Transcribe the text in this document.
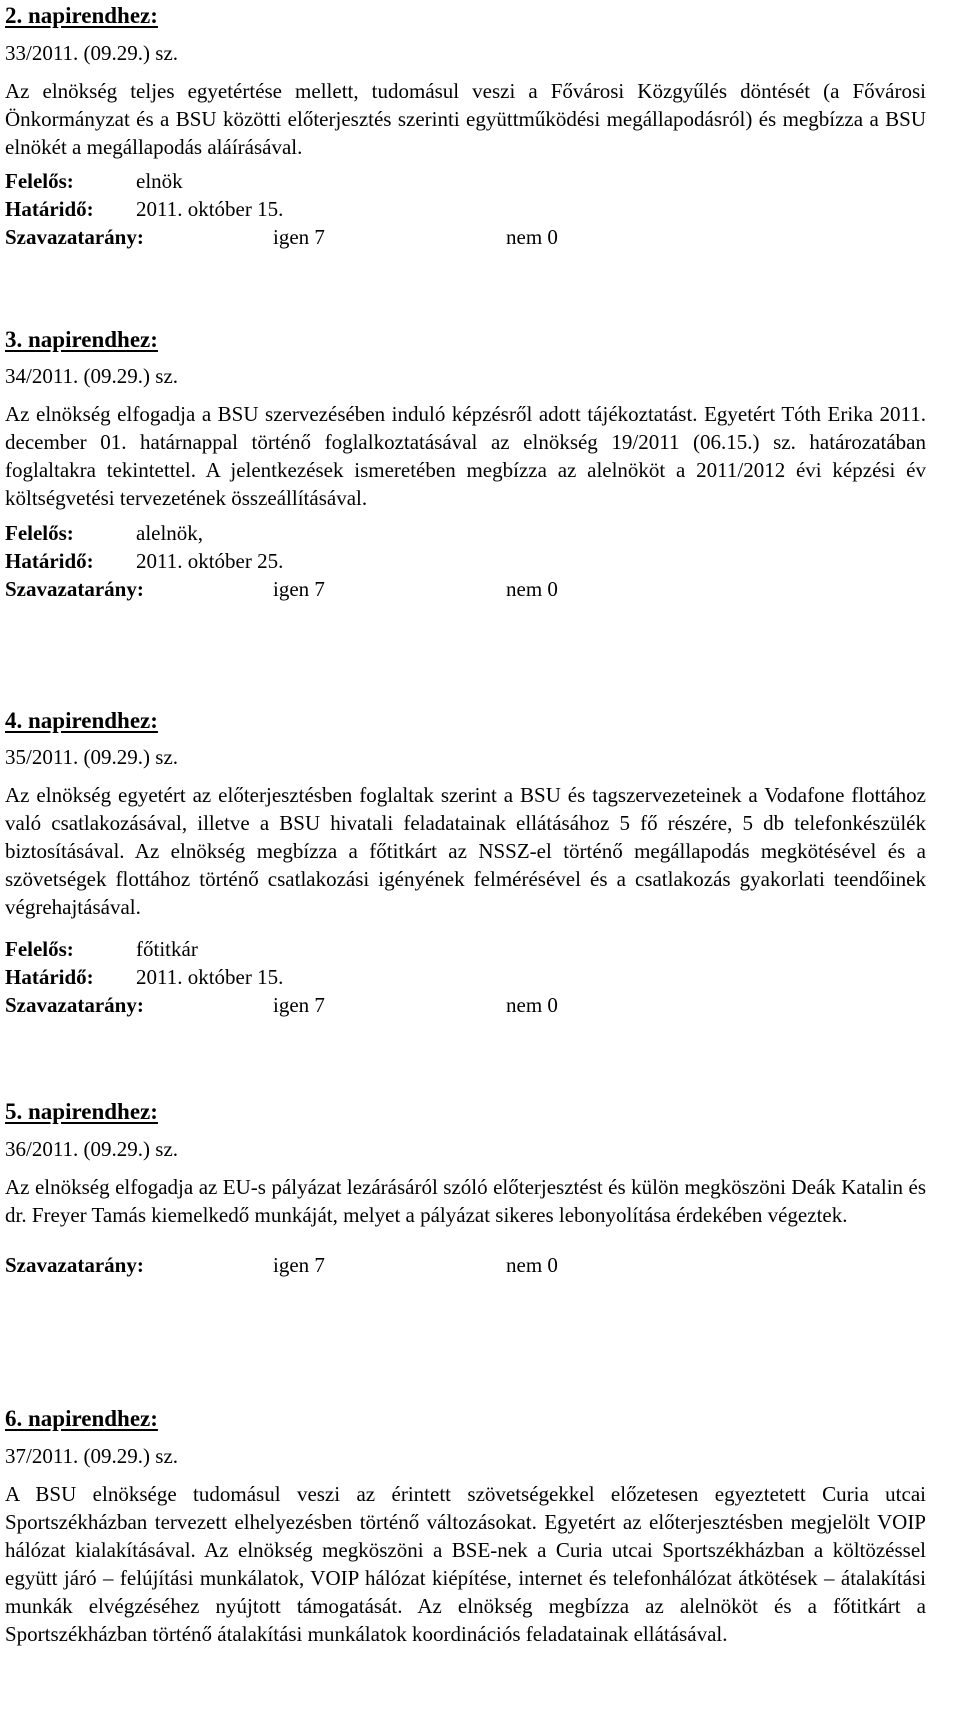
2. napirendhez:
33/2011. (09.29.) sz.
Az elnökség teljes egyetértése mellett, tudomásul veszi a Fővárosi Közgyűlés döntését (a Fővárosi Önkormányzat és a BSU közötti előterjesztés szerinti együttműködési megállapodásról) és megbízza a BSU elnökét a megállapodás aláírásával.
Felelős:	elnök
Határidő: 2011. október 15.
Szavazatarány:	igen 7	nem 0
3. napirendhez:
34/2011. (09.29.) sz.
Az elnökség elfogadja a BSU szervezésében induló képzésről adott tájékoztatást. Egyetért Tóth Erika 2011. december 01. határnappal történő foglalkoztatásával az elnökség 19/2011 (06.15.) sz. határozatában foglaltakra tekintettel. A jelentkezések ismeretében megbízza az alelnököt a 2011/2012 évi képzési év költségvetési tervezetének összeállításával.
Felelős:	alelnök,
Határidő: 2011. október 25.
Szavazatarány:	igen 7	nem 0
4. napirendhez:
35/2011. (09.29.) sz.
Az elnökség egyetért az előterjesztésben foglaltak szerint a BSU és tagszervezeteinek a Vodafone flottához való csatlakozásával, illetve a BSU hivatali feladatainak ellátásához 5 fő részére, 5 db telefonkészülék biztosításával. Az elnökség megbízza a főtitkárt az NSSZ-el történő megállapodás megkötésével és a szövetségek flottához történő csatlakozási igényének felmérésével és a csatlakozás gyakorlati teendőinek végrehajtásával.
Felelős:	főtitkár
Határidő: 2011. október 15.
Szavazatarány:	igen 7	nem 0
5. napirendhez:
36/2011. (09.29.) sz.
Az elnökség elfogadja az EU-s pályázat lezárásáról szóló előterjesztést és külön megköszöni Deák Katalin és dr. Freyer Tamás kiemelkedő munkáját, melyet a pályázat sikeres lebonyolítása érdekében végeztek.
Szavazatarány:	igen 7	nem 0
6. napirendhez:
37/2011. (09.29.) sz.
A BSU elnöksége tudomásul veszi az érintett szövetségekkel előzetesen egyeztetett Curia utcai Sportszékházban tervezett elhelyezésben történő változásokat. Egyetért az előterjesztésben megjelölt VOIP hálózat kialakításával. Az elnökség megköszöni a BSE-nek a Curia utcai Sportszékházban a költözéssel együtt járó – felújítási munkálatok, VOIP hálózat kiépítése, internet és telefonhálózat átkötések – átalakítási munkák elvégzéséhez nyújtott támogatását. Az elnökség megbízza az alelnököt és a főtitkárt a Sportszékházban történő átalakítási munkálatok koordinációs feladatainak ellátásával.
